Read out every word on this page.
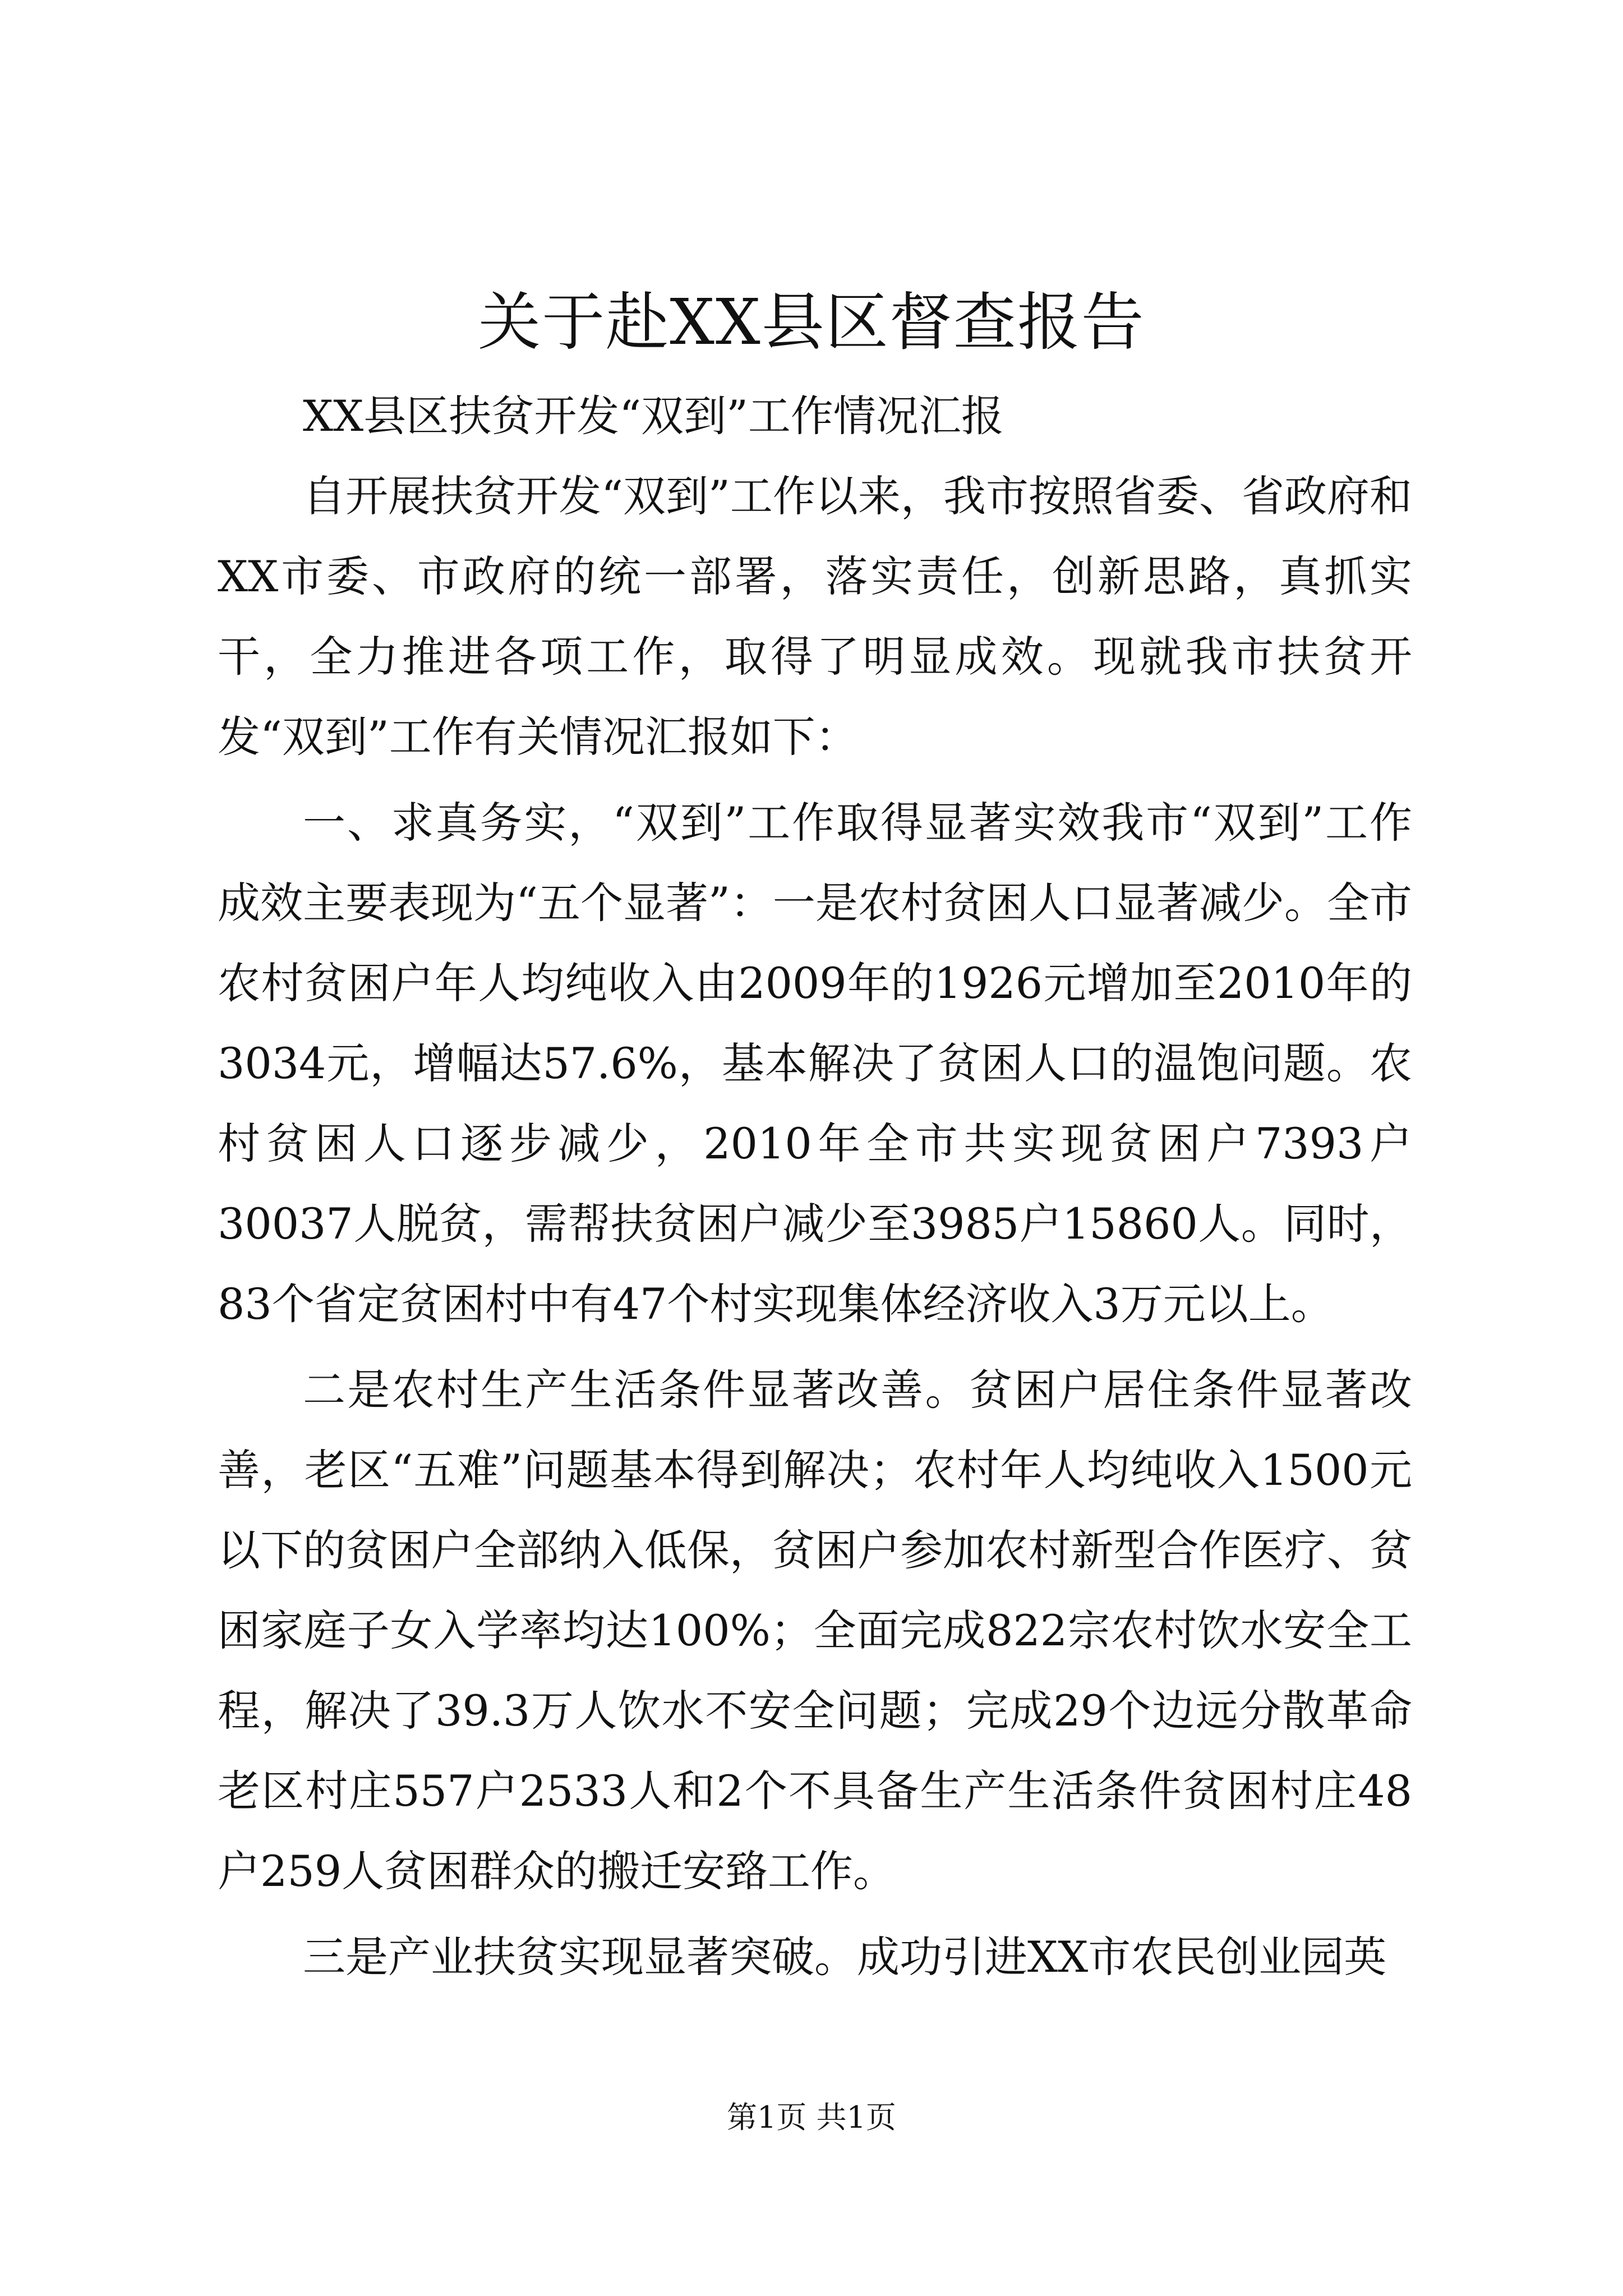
关于赴XX县区督查报告

XX县区扶贫开发“双到”工作情况汇报

自开展扶贫开发“双到”工作以来，我市按照省委、省政府和XX市委、市政府的统一部署，落实责任，创新思路，真抓实干，全力推进各项工作，取得了明显成效。现就我市扶贫开发“双到”工作有关情况汇报如下：

一、求真务实，“双到”工作取得显著实效我市“双到”工作成效主要表现为“五个显著”：一是农村贫困人口显著减少。全市农村贫困户年人均纯收入由2009年的1926元增加至2010年的3034元，增幅达57.6%，基本解决了贫困人口的温饱问题。农村贫困人口逐步减少，2010年全市共实现贫困户7393户30037人脱贫，需帮扶贫困户减少至3985户15860人。同时，83个省定贫困村中有47个村实现集体经济收入3万元以上。

二是农村生产生活条件显著改善。贫困户居住条件显著改善，老区“五难”问题基本得到解决；农村年人均纯收入1500元以下的贫困户全部纳入低保，贫困户参加农村新型合作医疗、贫困家庭子女入学率均达100%；全面完成822宗农村饮水安全工程，解决了39.3万人饮水不安全问题；完成29个边远分散革命老区村庄557户2533人和2个不具备生产生活条件贫困村庄48户259人贫困群众的搬迁安臵工作。

三是产业扶贫实现显著突破。成功引进XX市农民创业园英

第1页 共1页
